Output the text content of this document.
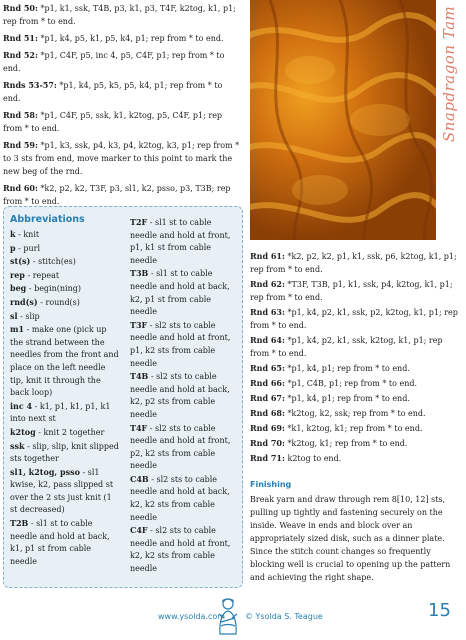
Rnd 50: *p1, k1, ssk, T4B, p3, k1, p3, T4F, k2tog, k1, p1; rep from * to end.
Rnd 51: *p1, k4, p5, k1, p5, k4, p1; rep from * to end.
Rnd 52: *p1, C4F, p5, inc 4, p5, C4F, p1; rep from * to end.
Rnds 53-57: *p1, k4, p5, k5, p5, k4, p1; rep from * to end.
Rnd 58: *p1, C4F, p5, ssk, k1, k2tog, p5, C4F, p1; rep from * to end.
Rnd 59: *p1, k3, ssk, p4, k3, p4, k2tog, k3, p1; rep from * to 3 sts from end, move marker to this point to mark the new beg of the rnd.
Rnd 60: *k2, p2, k2, T3F, p3, sl1, k2, psso, p3, T3B; rep from * to end.
Snapdragon Tam
Abbreviations
k - knit
p - purl
st(s) - stitch(es)
rep - repeat
beg - begin(ning)
rnd(s) - round(s)
sl - slip
m1 - make one (pick up the strand between the needles from the front and place on the left needle tip, knit it through the back loop)
inc 4 - k1, p1, k1, p1, k1 into next st
k2tog - knit 2 together
ssk - slip, slip, knit slipped sts together
sl1, k2tog, psso - sl1 kwise, k2, pass slipped st over the 2 sts just knit (1 st decreased)
T2B - sl1 st to cable needle and hold at back, k1, p1 st from cable needle
T2F - sl1 st to cable needle and hold at front, p1, k1 st from cable needle
T3B - sl1 st to cable needle and hold at back, k2, p1 st from cable needle
T3F - sl2 sts to cable needle and hold at front, p1, k2 sts from cable needle
T4B - sl2 sts to cable needle and hold at back, k2, p2 sts from cable needle
T4F - sl2 sts to cable needle and hold at front, p2, k2 sts from cable needle
C4B - sl2 sts to cable needle and hold at back, k2, k2 sts from cable needle
C4F - sl2 sts to cable needle and hold at front, k2, k2 sts from cable needle
Rnd 61: *k2, p2, k2, p1, k1, ssk, p6, k2tog, k1, p1; rep from * to end.
Rnd 62: *T3F, T3B, p1, k1, ssk, p4, k2tog, k1, p1; rep from * to end.
Rnd 63: *p1, k4, p2, k1, ssk, p2, k2tog, k1, p1; rep from * to end.
Rnd 64: *p1, k4, p2, k1, ssk, k2tog, k1, p1; rep from * to end.
Rnd 65: *p1, k4, p1; rep from * to end.
Rnd 66: *p1, C4B, p1; rep from * to end.
Rnd 67: *p1, k4, p1; rep from * to end.
Rnd 68: *k2tog, k2, ssk; rep from * to end.
Rnd 69: *k1, k2tog, k1; rep from * to end.
Rnd 70: *k2tog, k1; rep from * to end.
Rnd 71: k2tog to end.
Finishing
Break yarn and draw through rem 8[10, 12] sts, pulling up tightly and fastening securely on the inside. Weave in ends and block over an appropriately sized disk, such as a dinner plate. Since the stitch count changes so frequently blocking well is crucial to opening up the pattern and achieving the right shape.
www.ysolda.com © Ysolda S. Teague	15
